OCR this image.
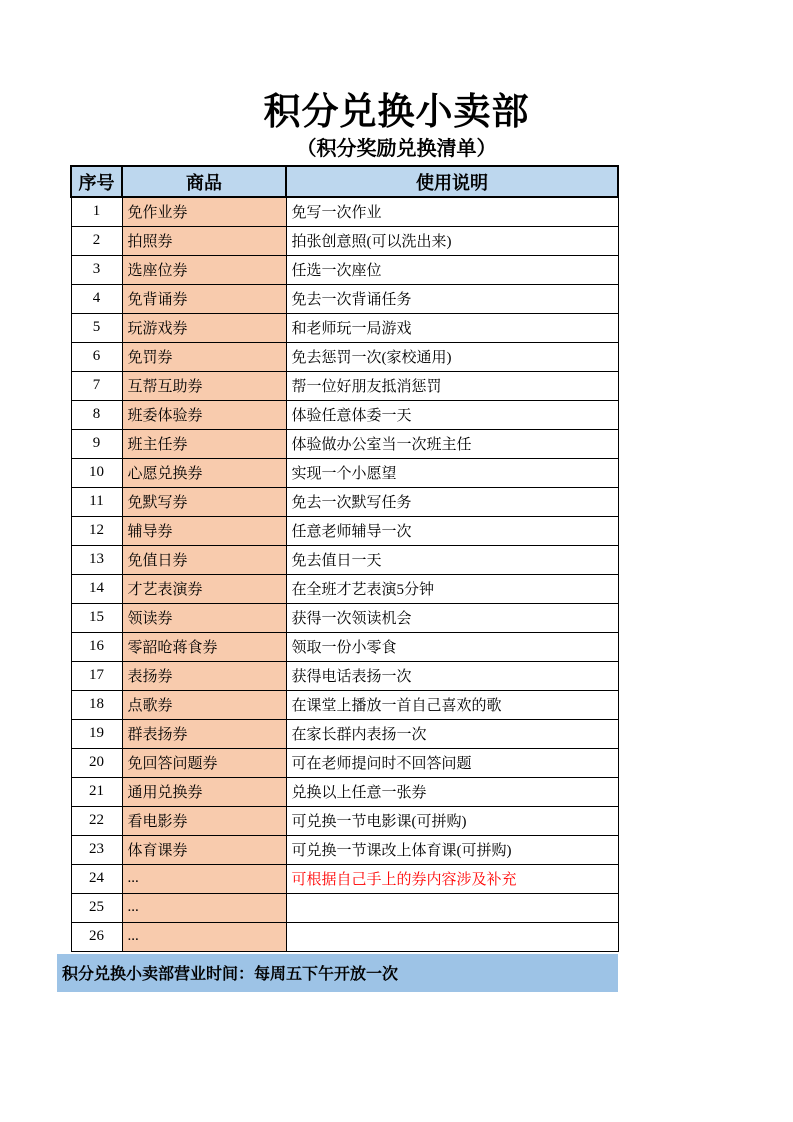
积分兑换小卖部
（积分奖励兑换清单）
序号	商品	使用说明
1	免作业券	免写一次作业
2	拍照券	拍张创意照(可以洗出来)
3	选座位券	任选一次座位
4	免背诵券	免去一次背诵任务
5	玩游戏券	和老师玩一局游戏
6	免罚券	免去惩罚一次(家校通用)
7	互帮互助券	帮一位好朋友抵消惩罚
8	班委体验券	体验任意体委一天
9	班主任券	体验做办公室当一次班主任
10	心愿兑换券	实现一个小愿望
11	免默写券	免去一次默写任务
12	辅导券	任意老师辅导一次
13	免值日券	免去值日一天
14	才艺表演券	在全班才艺表演5分钟
15	领读券	获得一次领读机会
16	零韶呛蒋食券	领取一份小零食
17	表扬券	获得电话表扬一次
18	点歌券	在课堂上播放一首自己喜欢的歌
19	群表扬券	在家长群内表扬一次
20	免回答问题券	可在老师提问时不回答问题
21	通用兑换券	兑换以上任意一张券
22	看电影券	可兑换一节电影课(可拼购)
23	体育课券	可兑换一节课改上体育课(可拼购)
24	...	可根据自己手上的券内容涉及补充
25	...	
26	...	
积分兑换小卖部营业时间：每周五下午开放一次
